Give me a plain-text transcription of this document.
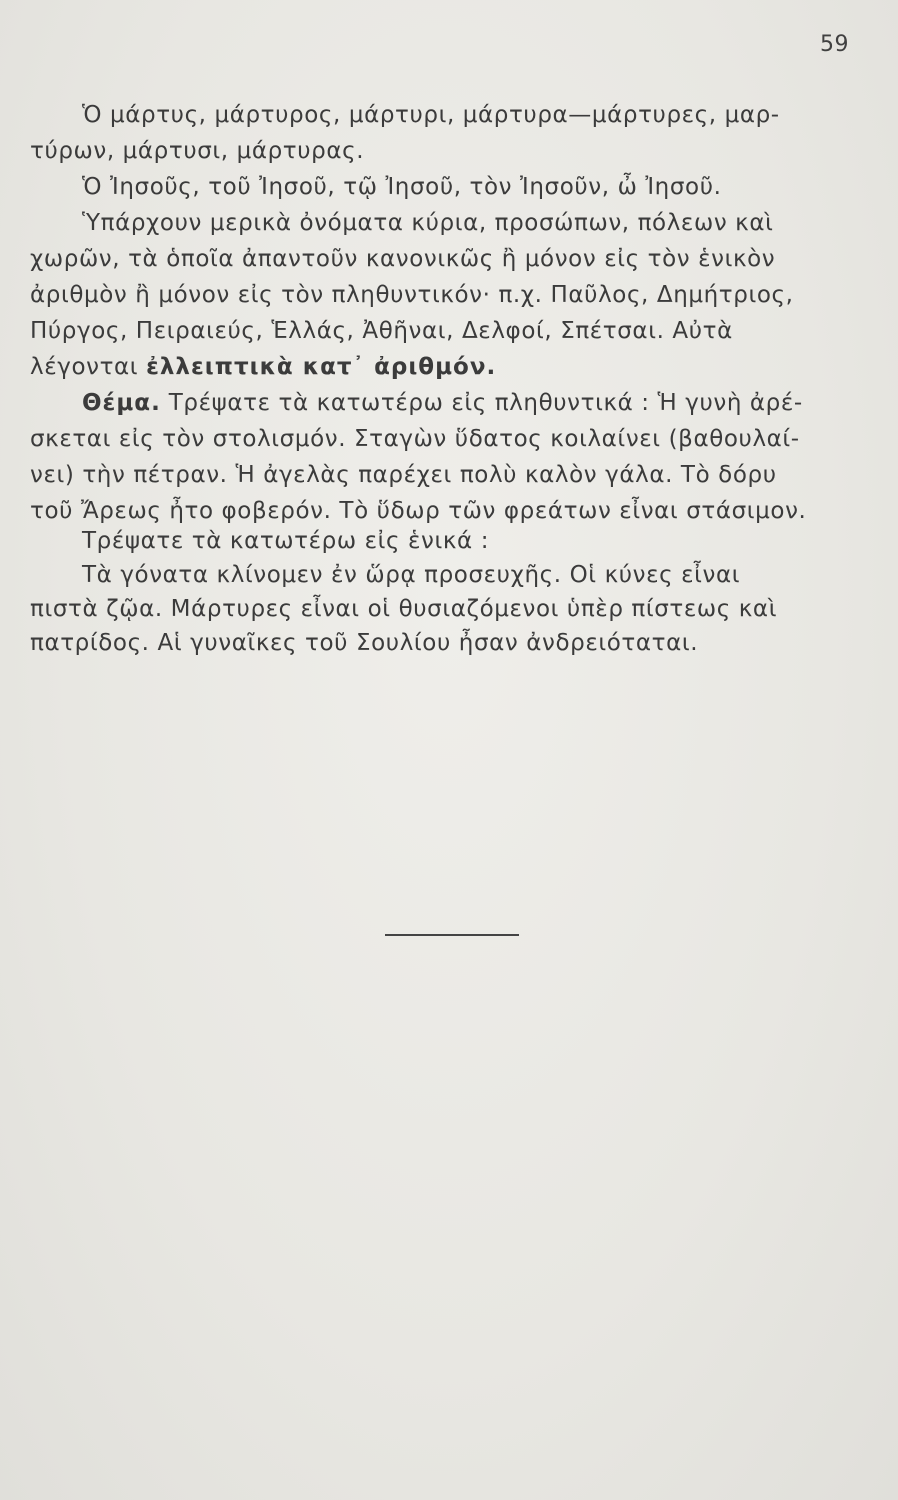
59
Ὁ μάρτυς, μάρτυρος, μάρτυρι, μάρτυρα—μάρτυρες, μαρ-
τύρων, μάρτυσι, μάρτυρας.
Ὁ Ἰησοῦς, τοῦ Ἰησοῦ, τῷ Ἰησοῦ, τὸν Ἰησοῦν, ὦ Ἰησοῦ.
Ὑπάρχουν μερικὰ ὀνόματα κύρια, προσώπων, πόλεων καὶ
χωρῶν, τὰ ὁποῖα ἀπαντοῦν κανονικῶς ἢ μόνον εἰς τὸν ἑνικὸν
ἀριθμὸν ἢ μόνον εἰς τὸν πληθυντικόν· π.χ. Παῦλος, Δημήτριος,
Πύργος, Πειραιεύς, Ἑλλάς, Ἀθῆναι, Δελφοί, Σπέτσαι. Αὐτὰ
λέγονται ἐλλειπτικὰ κατ᾽ ἀριθμόν.
Θέμα. Τρέψατε τὰ κατωτέρω εἰς πληθυντικά : Ἡ γυνὴ ἀρέ-
σκεται εἰς τὸν στολισμόν. Σταγὼν ὕδατος κοιλαίνει (βαθουλαί-
νει) τὴν πέτραν. Ἡ ἀγελὰς παρέχει πολὺ καλὸν γάλα. Τὸ δόρυ
τοῦ Ἄρεως ἦτο φοβερόν. Τὸ ὕδωρ τῶν φρεάτων εἶναι στάσιμον.
Τρέψατε τὰ κατωτέρω εἰς ἑνικά :
Τὰ γόνατα κλίνομεν ἐν ὥρᾳ προσευχῆς. Οἱ κύνες εἶναι
πιστὰ ζῷα. Μάρτυρες εἶναι οἱ θυσιαζόμενοι ὑπὲρ πίστεως καὶ
πατρίδος. Αἱ γυναῖκες τοῦ Σουλίου ἦσαν ἀνδρειόταται.
